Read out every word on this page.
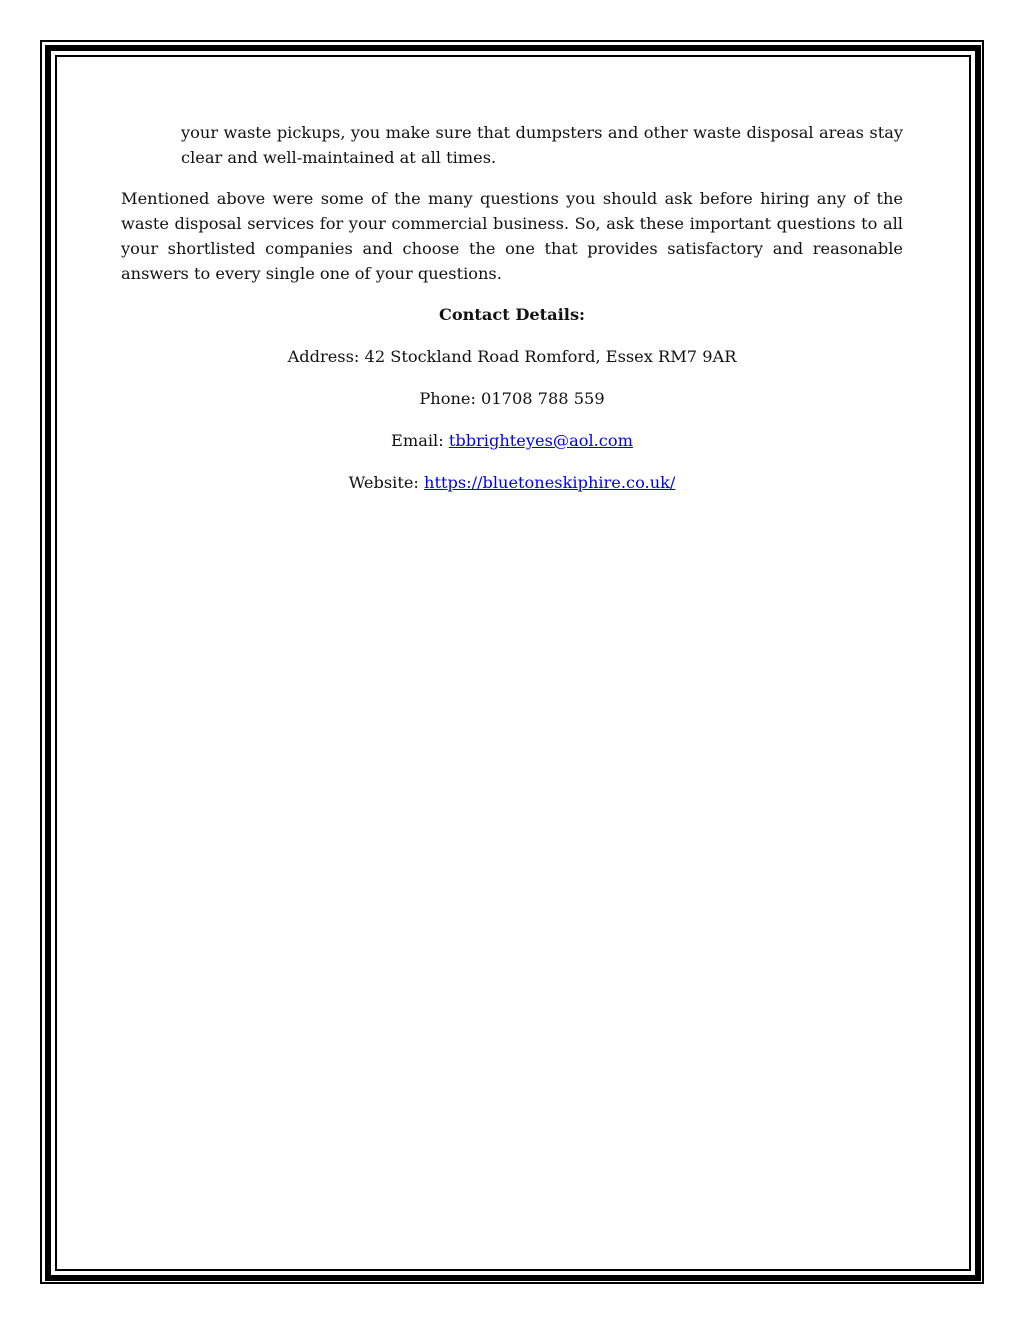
your waste pickups, you make sure that dumpsters and other waste disposal areas stay clear and well-maintained at all times.

Mentioned above were some of the many questions you should ask before hiring any of the waste disposal services for your commercial business. So, ask these important questions to all your shortlisted companies and choose the one that provides satisfactory and reasonable answers to every single one of your questions.

Contact Details:
Address: 42 Stockland Road Romford, Essex RM7 9AR
Phone: 01708 788 559
Email: tbbrighteyes@aol.com
Website: https://bluetoneskiphire.co.uk/
